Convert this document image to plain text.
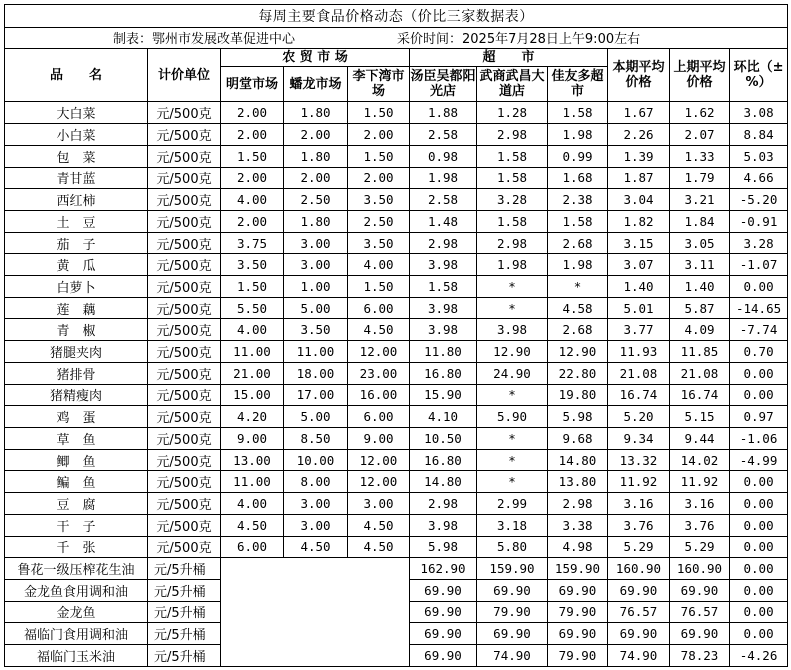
每周主要食品价格动态（价比三家数据表）										
制表：鄂州市发展改革促进中心 采价时间：2025年7月28日上午9:00左右										
品　　名	计价单位	农 贸 市 场			超　　市			本期平均价格	上期平均价格	环比（±%）
		明堂市场	蟠龙市场	李下湾市场	汤臣吴都阳光店	武商武昌大道店	佳友多超市			
大白菜	元/500克	2.00	1.80	1.50	1.88	1.28	1.58	1.67	1.62	3.08
小白菜	元/500克	2.00	2.00	2.00	2.58	2.98	1.98	2.26	2.07	8.84
包　菜	元/500克	1.50	1.80	1.50	0.98	1.58	0.99	1.39	1.33	5.03
青甘蓝	元/500克	2.00	2.00	2.00	1.98	1.58	1.68	1.87	1.79	4.66
西红柿	元/500克	4.00	2.50	3.50	2.58	3.28	2.38	3.04	3.21	-5.20
土　豆	元/500克	2.00	1.80	2.50	1.48	1.58	1.58	1.82	1.84	-0.91
茄　子	元/500克	3.75	3.00	3.50	2.98	2.98	2.68	3.15	3.05	3.28
黄　瓜	元/500克	3.50	3.00	4.00	3.98	1.98	1.98	3.07	3.11	-1.07
白萝卜	元/500克	1.50	1.00	1.50	1.58	*	*	1.40	1.40	0.00
莲　藕	元/500克	5.50	5.00	6.00	3.98	*	4.58	5.01	5.87	-14.65
青　椒	元/500克	4.00	3.50	4.50	3.98	3.98	2.68	3.77	4.09	-7.74
猪腿夹肉	元/500克	11.00	11.00	12.00	11.80	12.90	12.90	11.93	11.85	0.70
猪排骨	元/500克	21.00	18.00	23.00	16.80	24.90	22.80	21.08	21.08	0.00
猪精瘦肉	元/500克	15.00	17.00	16.00	15.90	*	19.80	16.74	16.74	0.00
鸡　蛋	元/500克	4.20	5.00	6.00	4.10	5.90	5.98	5.20	5.15	0.97
草　鱼	元/500克	9.00	8.50	9.00	10.50	*	9.68	9.34	9.44	-1.06
鲫　鱼	元/500克	13.00	10.00	12.00	16.80	*	14.80	13.32	14.02	-4.99
鳊　鱼	元/500克	11.00	8.00	12.00	14.80	*	13.80	11.92	11.92	0.00
豆　腐	元/500克	4.00	3.00	3.00	2.98	2.99	2.98	3.16	3.16	0.00
干　子	元/500克	4.50	3.00	4.50	3.98	3.18	3.38	3.76	3.76	0.00
千　张	元/500克	6.00	4.50	4.50	5.98	5.80	4.98	5.29	5.29	0.00
鲁花一级压榨花生油	元/5升桶				162.90	159.90	159.90	160.90	160.90	0.00
金龙鱼食用调和油	元/5升桶				69.90	69.90	69.90	69.90	69.90	0.00
金龙鱼	元/5升桶				69.90	79.90	79.90	76.57	76.57	0.00
福临门食用调和油	元/5升桶				69.90	69.90	69.90	69.90	69.90	0.00
福临门玉米油	元/5升桶				69.90	74.90	79.90	74.90	78.23	-4.26
